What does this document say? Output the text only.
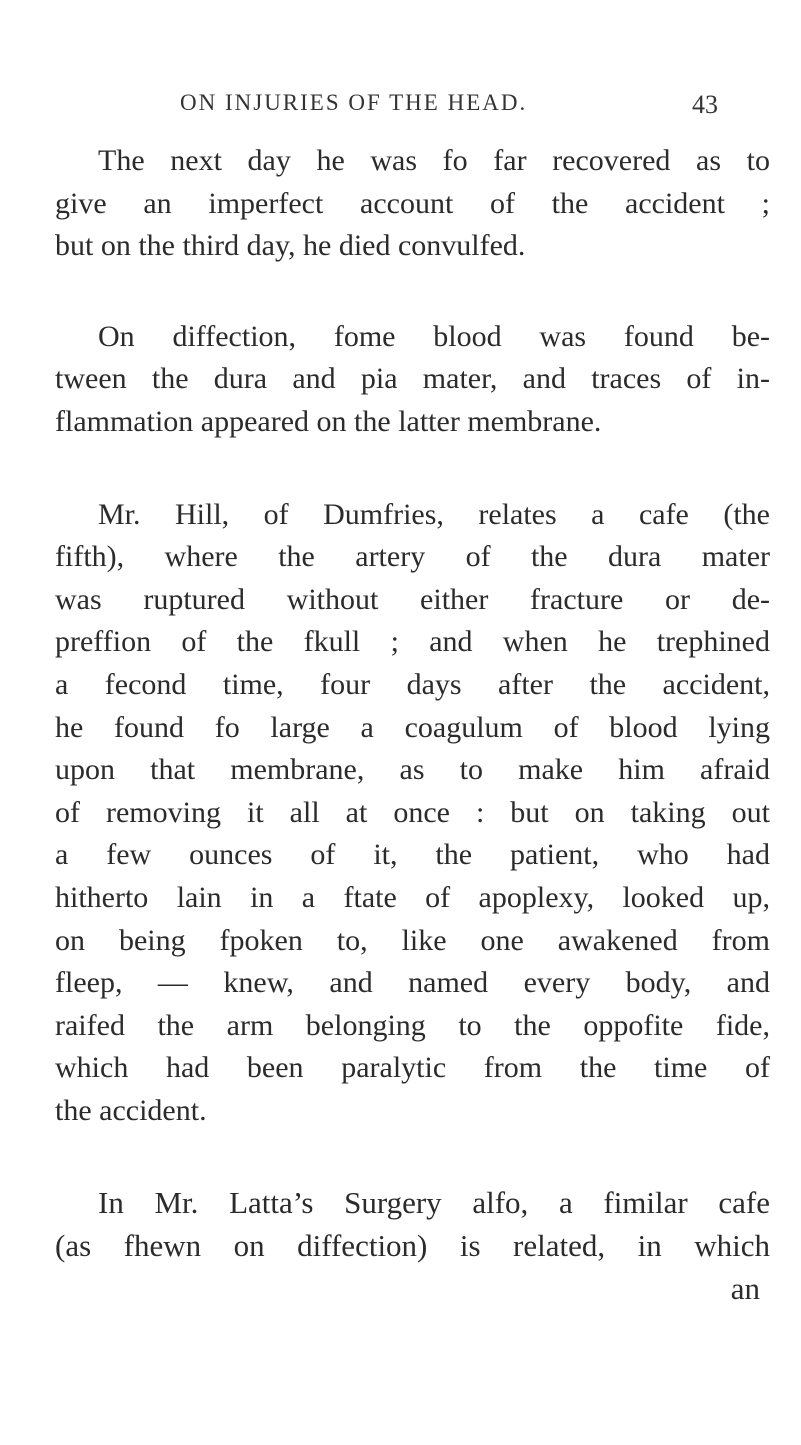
ON INJURIES OF THE HEAD.	43
The next day he was fo far recovered as to
give an imperfect account of the accident ;
but on the third day, he died convulfed.
On diffection, fome blood was found be-
tween the dura and pia mater, and traces of in-
flammation appeared on the latter membrane.
Mr. Hill, of Dumfries, relates a cafe (the
fifth), where the artery of the dura mater
was ruptured without either fracture or de-
preffion of the fkull ; and when he trephined
a fecond time, four days after the accident,
he found fo large a coagulum of blood lying
upon that membrane, as to make him afraid
of removing it all at once : but on taking out
a few ounces of it, the patient, who had
hitherto lain in a ftate of apoplexy, looked up,
on being fpoken to, like one awakened from
fleep, — knew, and named every body, and
raifed the arm belonging to the oppofite fide,
which had been paralytic from the time of
the accident.
In Mr. Latta’s Surgery alfo, a fimilar cafe
(as fhewn on diffection) is related, in which
an
